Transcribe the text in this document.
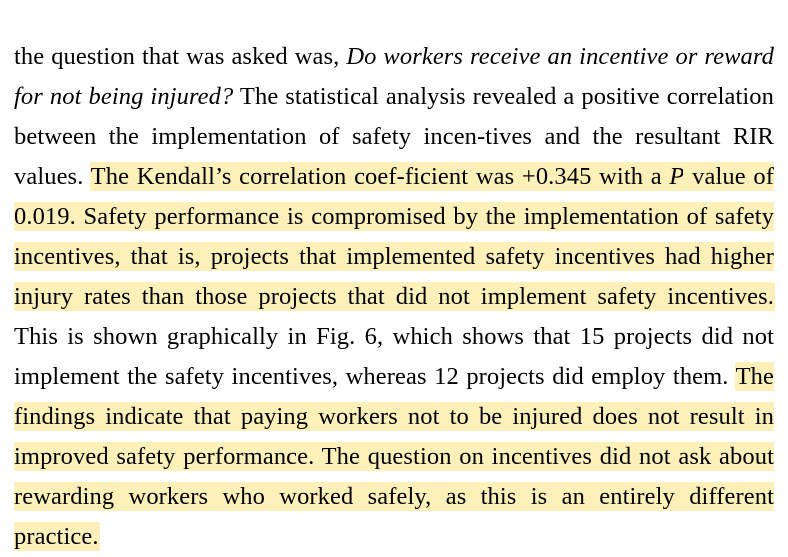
the question that was asked was, Do workers receive an incentive or reward for not being injured? The statistical analysis revealed a positive correlation between the implementation of safety incen-tives and the resultant RIR values. The Kendall’s correlation coef-ficient was +0.345 with a P value of 0.019. Safety performance is compromised by the implementation of safety incentives, that is, projects that implemented safety incentives had higher injury rates than those projects that did not implement safety incentives. This is shown graphically in Fig. 6, which shows that 15 projects did not implement the safety incentives, whereas 12 projects did employ them. The findings indicate that paying workers not to be injured does not result in improved safety performance. The question on incentives did not ask about rewarding workers who worked safely, as this is an entirely different practice.
